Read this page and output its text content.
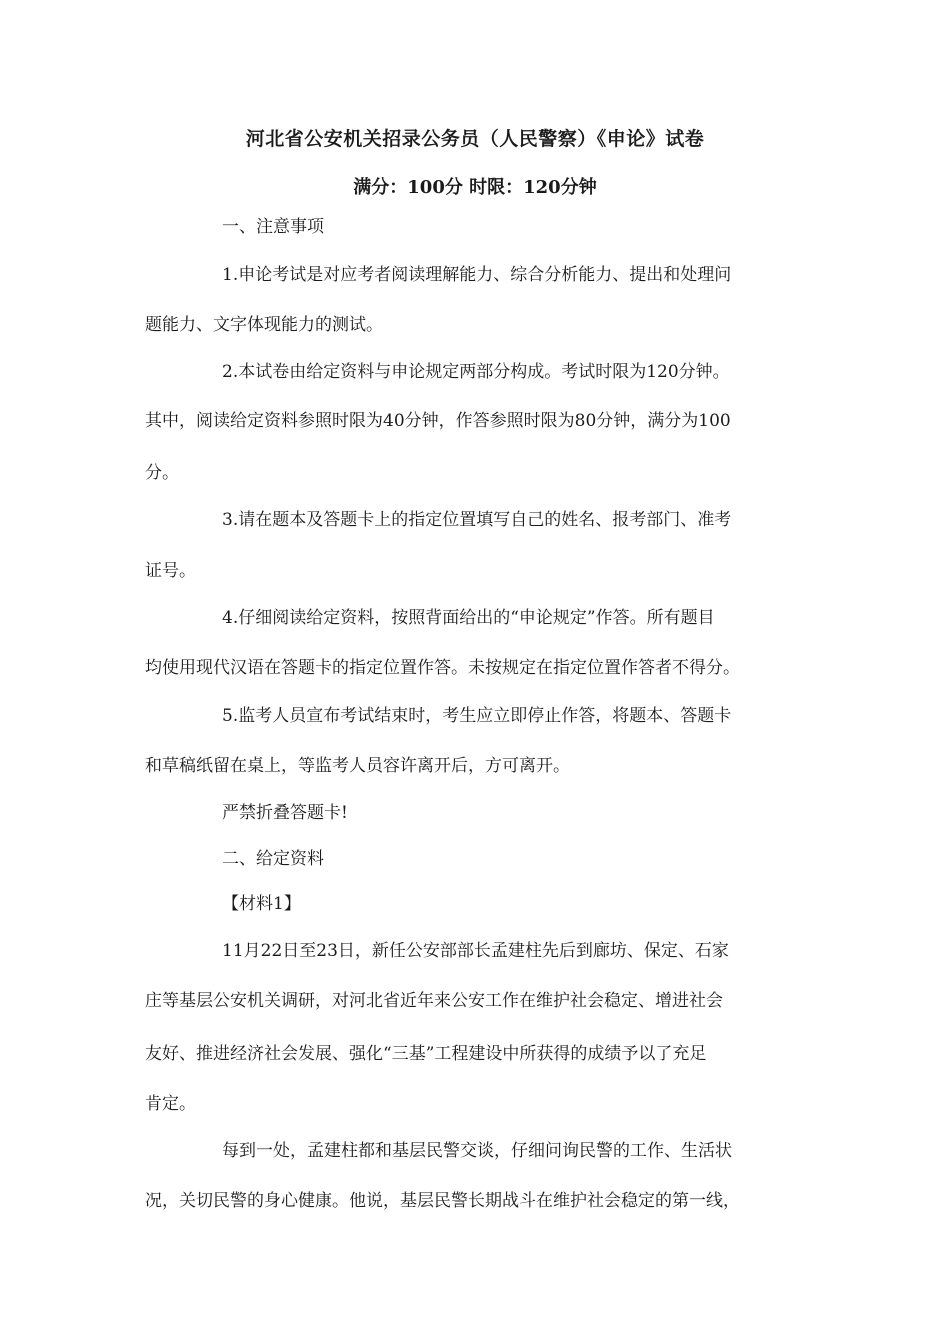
河北省公安机关招录公务员（人民警察）《申论》试卷
满分：100分 时限：120分钟
一、注意事项
1.申论考试是对应考者阅读理解能力、综合分析能力、提出和处理问
题能力、文字体现能力的测试。
2.本试卷由给定资料与申论规定两部分构成。考试时限为120分钟。
其中，阅读给定资料参照时限为40分钟，作答参照时限为80分钟，满分为100
分。
3.请在题本及答题卡上的指定位置填写自己的姓名、报考部门、准考
证号。
4.仔细阅读给定资料，按照背面给出的“申论规定”作答。所有题目
均使用现代汉语在答题卡的指定位置作答。未按规定在指定位置作答者不得分。
5.监考人员宣布考试结束时，考生应立即停止作答，将题本、答题卡
和草稿纸留在桌上，等监考人员容许离开后，方可离开。
严禁折叠答题卡!
二、给定资料
【材料1】
11月22日至23日，新任公安部部长孟建柱先后到廊坊、保定、石家
庄等基层公安机关调研，对河北省近年来公安工作在维护社会稳定、增进社会
友好、推进经济社会发展、强化“三基”工程建设中所获得的成绩予以了充足
肯定。
每到一处，孟建柱都和基层民警交谈，仔细问询民警的工作、生活状
况，关切民警的身心健康。他说，基层民警长期战斗在维护社会稳定的第一线，
